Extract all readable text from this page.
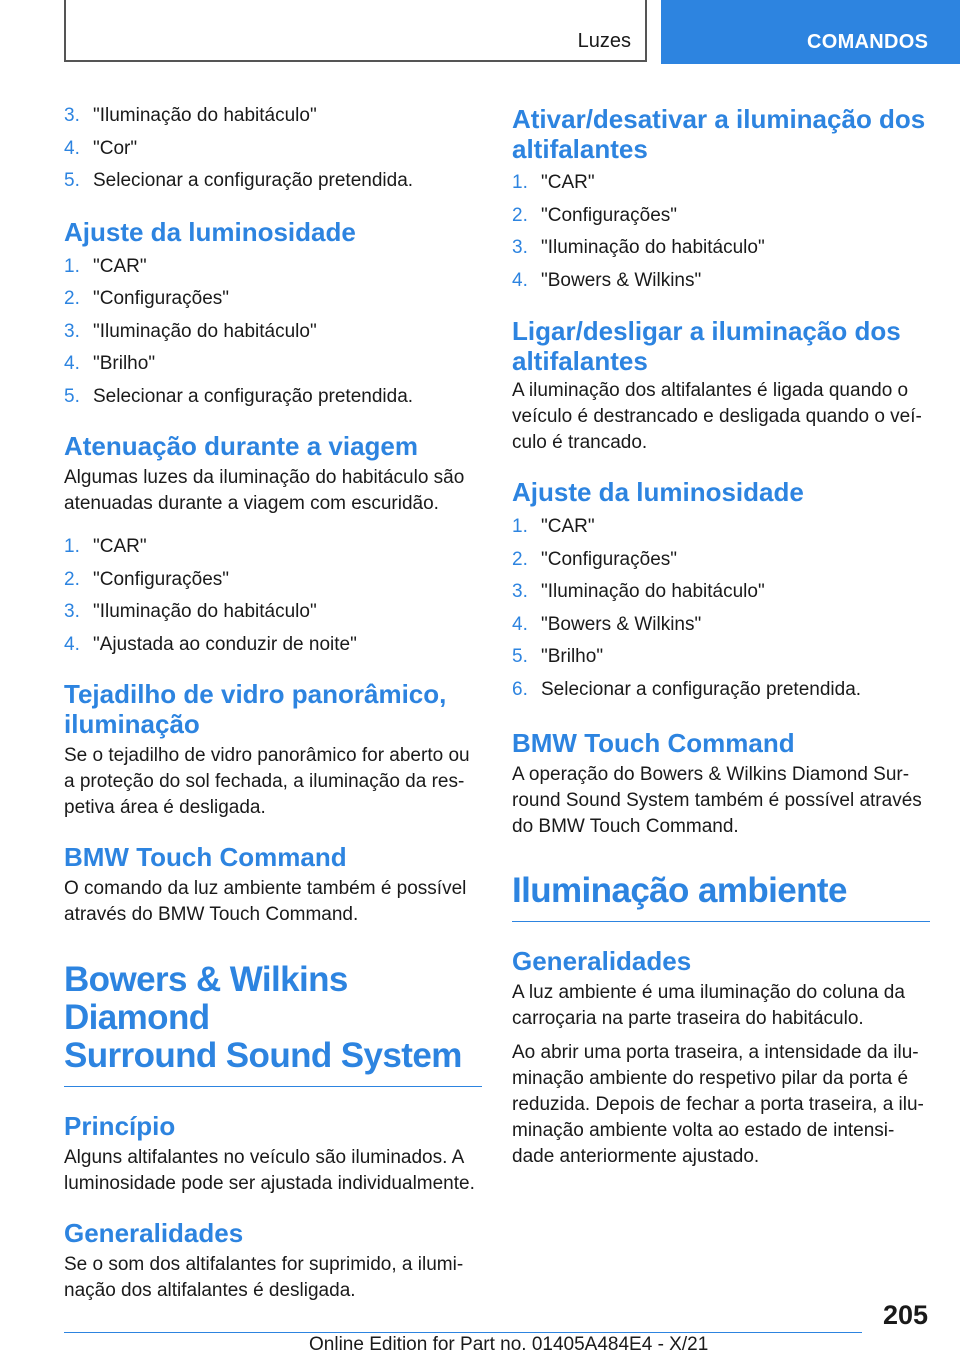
Luzes	COMANDOS
3. "Iluminação do habitáculo"
4. "Cor"
5. Selecionar a configuração pretendida.
Ajuste da luminosidade
1. "CAR"
2. "Configurações"
3. "Iluminação do habitáculo"
4. "Brilho"
5. Selecionar a configuração pretendida.
Atenuação durante a viagem

Algumas luzes da iluminação do habitáculo são
atenuadas durante a viagem com escuridão.

1. "CAR"
2. "Configurações"
3. "Iluminação do habitáculo"
4. "Ajustada ao conduzir de noite"
Tejadilho de vidro panorâmico,
iluminação

Se o tejadilho de vidro panorâmico for aberto ou
a proteção do sol fechada, a iluminação da res‐
petiva área é desligada.

BMW Touch Command

O comando da luz ambiente também é possível
através do BMW Touch Command.

Bowers & Wilkins Diamond
Surround Sound System
Princípio

Alguns altifalantes no veículo são iluminados. A
luminosidade pode ser ajustada individualmente.

Generalidades

Se o som dos altifalantes for suprimido, a ilumi‐
nação dos altifalantes é desligada.

Ativar/desativar a iluminação dos
altifalantes
1. "CAR"
2. "Configurações"
3. "Iluminação do habitáculo"
4. "Bowers & Wilkins"
Ligar/desligar a iluminação dos
altifalantes

A iluminação dos altifalantes é ligada quando o
veículo é destrancado e desligada quando o veí‐
culo é trancado.

Ajuste da luminosidade
1. "CAR"
2. "Configurações"
3. "Iluminação do habitáculo"
4. "Bowers & Wilkins"
5. "Brilho"
6. Selecionar a configuração pretendida.
BMW Touch Command

A operação do Bowers & Wilkins Diamond Sur‐
round Sound System também é possível através
do BMW Touch Command.

Iluminação ambiente
Generalidades

A luz ambiente é uma iluminação do coluna da
carroçaria na parte traseira do habitáculo.

Ao abrir uma porta traseira, a intensidade da ilu‐
minação ambiente do respetivo pilar da porta é
reduzida. Depois de fechar a porta traseira, a ilu‐
minação ambiente volta ao estado de intensi‐
dade anteriormente ajustado.

205
Online Edition for Part no. 01405A484E4 - X/21
